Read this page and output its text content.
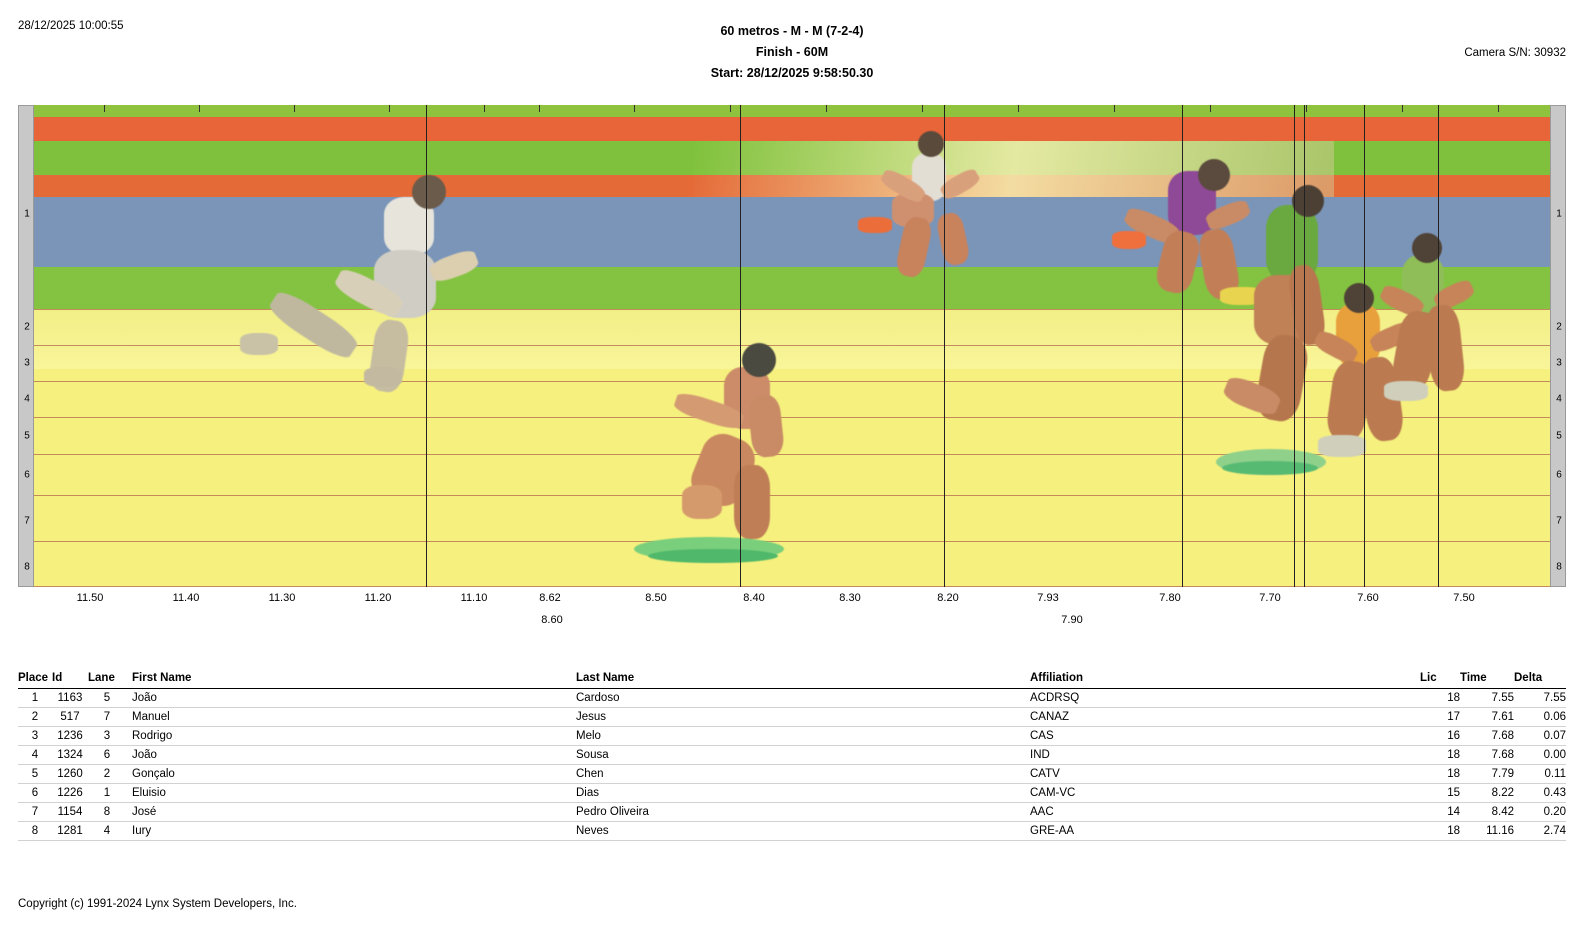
28/12/2025 10:00:55	60 metros - M - M (7-2-4)
Finish - 60M
Start: 28/12/2025 9:58:50.30
Camera S/N: 30932
1
2
3
4
5
6
7
8
1
2
3
4
5
6
7
8
11.50	11.40	11.30	11.20	11.10	8.62	8.50	8.40	8.30	8.20	7.93	7.80	7.70	7.60	7.50
8.60	7.90
Place	Id	Lane	First Name	Last Name	Affiliation	Lic	Time	Delta
1	1163	5	João	Cardoso	ACDRSQ	18	7.55	7.55
2	517	7	Manuel	Jesus	CANAZ	17	7.61	0.06
3	1236	3	Rodrigo	Melo	CAS	16	7.68	0.07
4	1324	6	João	Sousa	IND	18	7.68	0.00
5	1260	2	Gonçalo	Chen	CATV	18	7.79	0.11
6	1226	1	Eluisio	Dias	CAM-VC	15	8.22	0.43
7	1154	8	José	Pedro Oliveira	AAC	14	8.42	0.20
8	1281	4	Iury	Neves	GRE-AA	18	11.16	2.74
Copyright (c) 1991-2024 Lynx System Developers, Inc.
